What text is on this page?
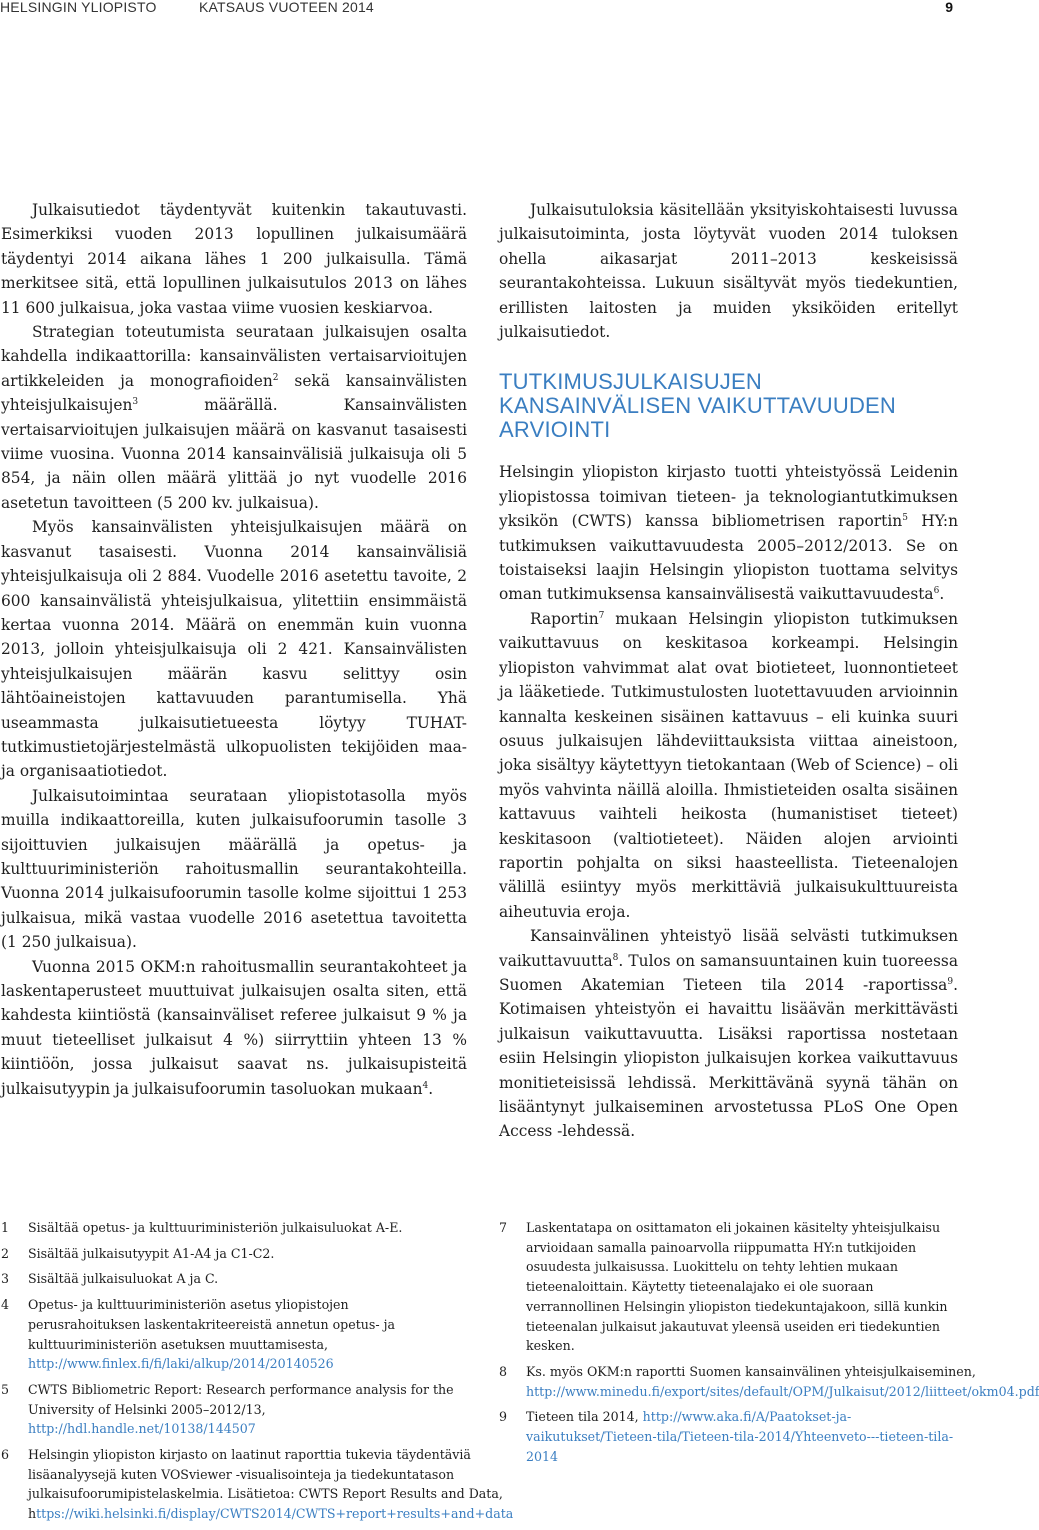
HELSINGIN YLIOPISTO	KATSAUS VUOTEEN 2014	9

Julkaisutiedot täydentyvät kuitenkin takautuvasti. Esimerkiksi vuoden 2013 lopullinen julkaisumäärä täydentyi 2014 aikana lähes 1 200 julkaisulla. Tämä merkitsee sitä, että lopullinen julkaisutulos 2013 on lähes 11 600 julkaisua, joka vastaa viime vuosien keskiarvoa.

Strategian toteutumista seurataan julkaisujen osalta kahdella indikaattorilla: kansainvälisten vertaisarvioitujen artikkeleiden ja monografioiden$^2$ sekä kansainvälisten yhteisjulkaisujen$^3$ määrällä. Kansainvälisten vertaisarvioitujen julkaisujen määrä on kasvanut tasaisesti viime vuosina. Vuonna 2014 kansainvälisiä julkaisuja oli 5 854, ja näin ollen määrä ylittää jo nyt vuodelle 2016 asetetun tavoitteen (5 200 kv. julkaisua).

Myös kansainvälisten yhteisjulkaisujen määrä on kasvanut tasaisesti. Vuonna 2014 kansainvälisiä yhteisjulkaisuja oli 2 884. Vuodelle 2016 asetettu tavoite, 2 600 kansainvälistä yhteisjulkaisua, ylitettiin ensimmäistä kertaa vuonna 2014. Määrä on enemmän kuin vuonna 2013, jolloin yhteisjulkaisuja oli 2 421. Kansainvälisten yhteisjulkaisujen määrän kasvu selittyy osin lähtöaineistojen kattavuuden parantumisella. Yhä useammasta julkaisutietueesta löytyy TUHAT-tutkimustietojärjestelmästä ulkopuolisten tekijöiden maa- ja organisaatiotiedot.

Julkaisutoimintaa seurataan yliopistotasolla myös muilla indikaattoreilla, kuten julkaisufoorumin tasolle 3 sijoittuvien julkaisujen määrällä ja opetus- ja kulttuuriministeriön rahoitusmallin seurantakohteilla. Vuonna 2014 julkaisufoorumin tasolle kolme sijoittui 1 253 julkaisua, mikä vastaa vuodelle 2016 asetettua tavoitetta (1 250 julkaisua).

Vuonna 2015 OKM:n rahoitusmallin seurantakohteet ja laskentaperusteet muuttuivat julkaisujen osalta siten, että kahdesta kiintiöstä (kansainväliset referee julkaisut 9 % ja muut tieteelliset julkaisut 4 %) siirryttiin yhteen 13 % kiintiöön, jossa julkaisut saavat ns. julkaisupisteitä julkaisutyypin ja julkaisufoorumin tasoluokan mukaan$^4$.

Julkaisutuloksia käsitellään yksityiskohtaisesti luvussa julkaisutoiminta, josta löytyvät vuoden 2014 tuloksen ohella aikasarjat 2011–2013 keskeisissä seurantakohteissa. Lukuun sisältyvät myös tiedekuntien, erillisten laitosten ja muiden yksiköiden eritellyt julkaisutiedot.

TUTKIMUSJULKAISUJEN KANSAINVÄLISEN VAIKUTTAVUUDEN ARVIOINTI

Helsingin yliopiston kirjasto tuotti yhteistyössä Leidenin yliopistossa toimivan tieteen- ja teknologiantutkimuksen yksikön (CWTS) kanssa bibliometrisen raportin$^5$ HY:n tutkimuksen vaikuttavuudesta 2005–2012/2013. Se on toistaiseksi laajin Helsingin yliopiston tuottama selvitys oman tutkimuksensa kansainvälisestä vaikuttavuudesta$^6$.

Raportin$^7$ mukaan Helsingin yliopiston tutkimuksen vaikuttavuus on keskitasoa korkeampi. Helsingin yliopiston vahvimmat alat ovat biotieteet, luonnontieteet ja lääketiede. Tutkimustulosten luotettavuuden arvioinnin kannalta keskeinen sisäinen kattavuus – eli kuinka suuri osuus julkaisujen lähdeviittauksista viittaa aineistoon, joka sisältyy käytettyyn tietokantaan (Web of Science) – oli myös vahvinta näillä aloilla. Ihmistieteiden osalta sisäinen kattavuus vaihteli heikosta (humanistiset tieteet) keskitasoon (valtiotieteet). Näiden alojen arviointi raportin pohjalta on siksi haasteellista. Tieteenalojen välillä esiintyy myös merkittäviä julkaisukulttuureista aiheutuvia eroja.

Kansainvälinen yhteistyö lisää selvästi tutkimuksen vaikuttavuutta$^8$. Tulos on samansuuntainen kuin tuoreessa Suomen Akatemian Tieteen tila 2014 -raportissa$^9$. Kotimaisen yhteistyön ei havaittu lisäävän merkittävästi julkaisun vaikuttavuutta. Lisäksi raportissa nostetaan esiin Helsingin yliopiston julkaisujen korkea vaikuttavuus monitieteisissä lehdissä. Merkittävänä syynä tähän on lisääntynyt julkaiseminen arvostetussa PLoS One Open Access -lehdessä.

1	Sisältää opetus- ja kulttuuriministeriön julkaisuluokat A-E.
2	Sisältää julkaisutyypit A1-A4 ja C1-C2.
3	Sisältää julkaisuluokat A ja C.
4	Opetus- ja kulttuuriministeriön asetus yliopistojen perusrahoituksen laskentakriteereistä annetun opetus- ja kulttuuriministeriön asetuksen muuttamisesta, http://www.finlex.fi/fi/laki/alkup/2014/20140526
5	CWTS Bibliometric Report: Research performance analysis for the University of Helsinki 2005–2012/13, http://hdl.handle.net/10138/144507
6	Helsingin yliopiston kirjasto on laatinut raporttia tukevia täydentäviä lisäanalyysejä kuten VOSviewer -visualisointeja ja tiedekuntatason julkaisufoorumipistelaskelmia. Lisätietoa: CWTS Report Results and Data, https://wiki.helsinki.fi/display/CWTS2014/CWTS+report+results+and+data
7	Laskentatapa on osittamaton eli jokainen käsitelty yhteisjulkaisu arvioidaan samalla painoarvolla riippumatta HY:n tutkijoiden osuudesta julkaisussa. Luokittelu on tehty lehtien mukaan tieteenaloittain. Käytetty tieteenalajako ei ole suoraan verrannollinen Helsingin yliopiston tiedekuntajakoon, sillä kunkin tieteenalan julkaisut jakautuvat yleensä useiden eri tiedekuntien kesken.
8	Ks. myös OKM:n raportti Suomen kansainvälinen yhteisjulkaiseminen, http://www.minedu.fi/export/sites/default/OPM/Julkaisut/2012/liitteet/okm04.pdf
9	Tieteen tila 2014, http://www.aka.fi/A/Paatokset-ja-vaikutukset/Tieteen-tila/Tieteen-tila-2014/Yhteenveto---tieteen-tila-2014
